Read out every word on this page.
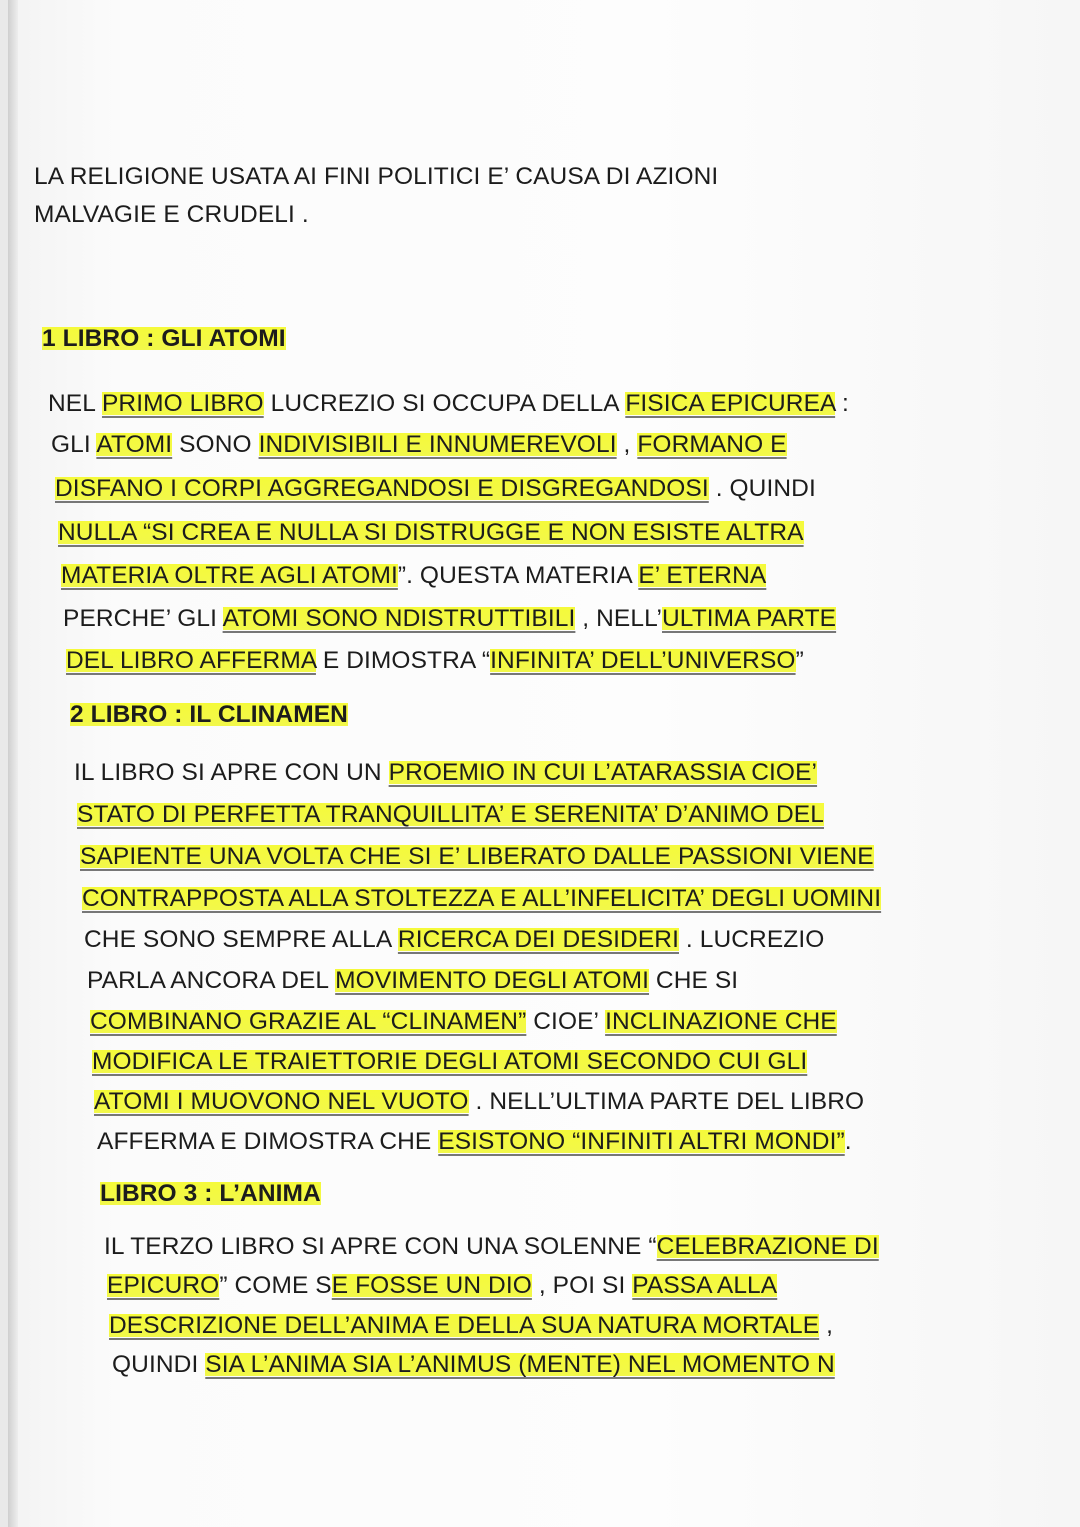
LA RELIGIONE USATA AI FINI POLITICI E’ CAUSA DI AZIONI
MALVAGIE E CRUDELI .
1 LIBRO : GLI ATOMI
NEL PRIMO LIBRO LUCREZIO SI OCCUPA DELLA FISICA EPICUREA :
GLI ATOMI SONO INDIVISIBILI E INNUMEREVOLI , FORMANO E
DISFANO I CORPI AGGREGANDOSI E DISGREGANDOSI . QUINDI
NULLA “SI CREA E NULLA SI DISTRUGGE E NON ESISTE ALTRA
MATERIA OLTRE AGLI ATOMI”. QUESTA MATERIA E’ ETERNA
PERCHE’ GLI ATOMI SONO NDISTRUTTIBILI , NELL’ULTIMA PARTE
DEL LIBRO AFFERMA E DIMOSTRA “INFINITA’ DELL’UNIVERSO”
2 LIBRO : IL CLINAMEN
IL LIBRO SI APRE CON UN PROEMIO IN CUI L’ATARASSIA CIOE’
STATO DI PERFETTA TRANQUILLITA’ E SERENITA’ D’ANIMO DEL
SAPIENTE UNA VOLTA CHE SI E’ LIBERATO DALLE PASSIONI VIENE
CONTRAPPOSTA ALLA STOLTEZZA E ALL’INFELICITA’ DEGLI UOMINI
CHE SONO SEMPRE ALLA RICERCA DEI DESIDERI . LUCREZIO
PARLA ANCORA DEL MOVIMENTO DEGLI ATOMI CHE SI
COMBINANO GRAZIE AL “CLINAMEN” CIOE’ INCLINAZIONE CHE
MODIFICA LE TRAIETTORIE DEGLI ATOMI SECONDO CUI GLI
ATOMI I MUOVONO NEL VUOTO . NELL’ULTIMA PARTE DEL LIBRO
AFFERMA E DIMOSTRA CHE ESISTONO “INFINITI ALTRI MONDI”.
LIBRO 3 : L’ANIMA
IL TERZO LIBRO SI APRE CON UNA SOLENNE “CELEBRAZIONE DI
EPICURO” COME SE FOSSE UN DIO , POI SI PASSA ALLA
DESCRIZIONE DELL’ANIMA E DELLA SUA NATURA MORTALE ,
QUINDI SIA L’ANIMA SIA L’ANIMUS (MENTE) NEL MOMENTO N
